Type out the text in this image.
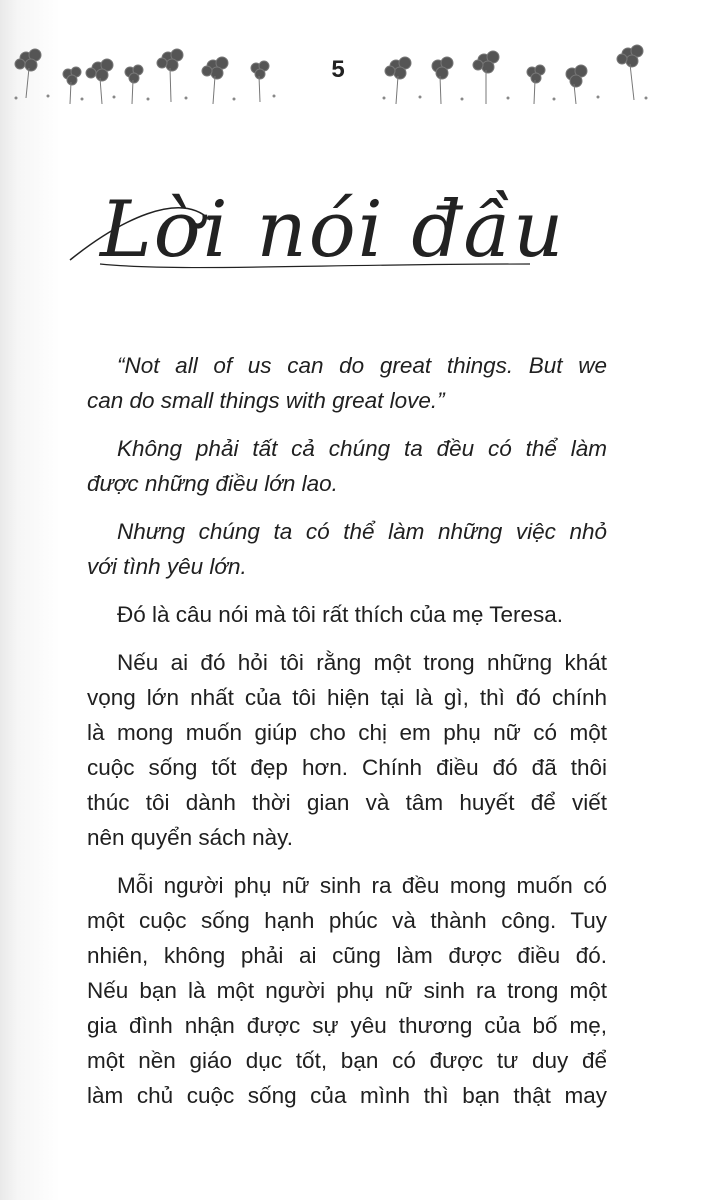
5
Lời nói đầu

“Not all of us can do great things. But we
can do small things with great love.”

Không phải tất cả chúng ta đều có thể làm
được những điều lớn lao.

Nhưng chúng ta có thể làm những việc nhỏ
với tình yêu lớn.

Đó là câu nói mà tôi rất thích của mẹ Teresa.

Nếu ai đó hỏi tôi rằng một trong những khát
vọng lớn nhất của tôi hiện tại là gì, thì đó chính
là mong muốn giúp cho chị em phụ nữ có một
cuộc sống tốt đẹp hơn. Chính điều đó đã thôi
thúc tôi dành thời gian và tâm huyết để viết
nên quyển sách này.

Mỗi người phụ nữ sinh ra đều mong muốn có
một cuộc sống hạnh phúc và thành công. Tuy
nhiên, không phải ai cũng làm được điều đó.
Nếu bạn là một người phụ nữ sinh ra trong một
gia đình nhận được sự yêu thương của bố mẹ,
một nền giáo dục tốt, bạn có được tư duy để
làm chủ cuộc sống của mình thì bạn thật may
